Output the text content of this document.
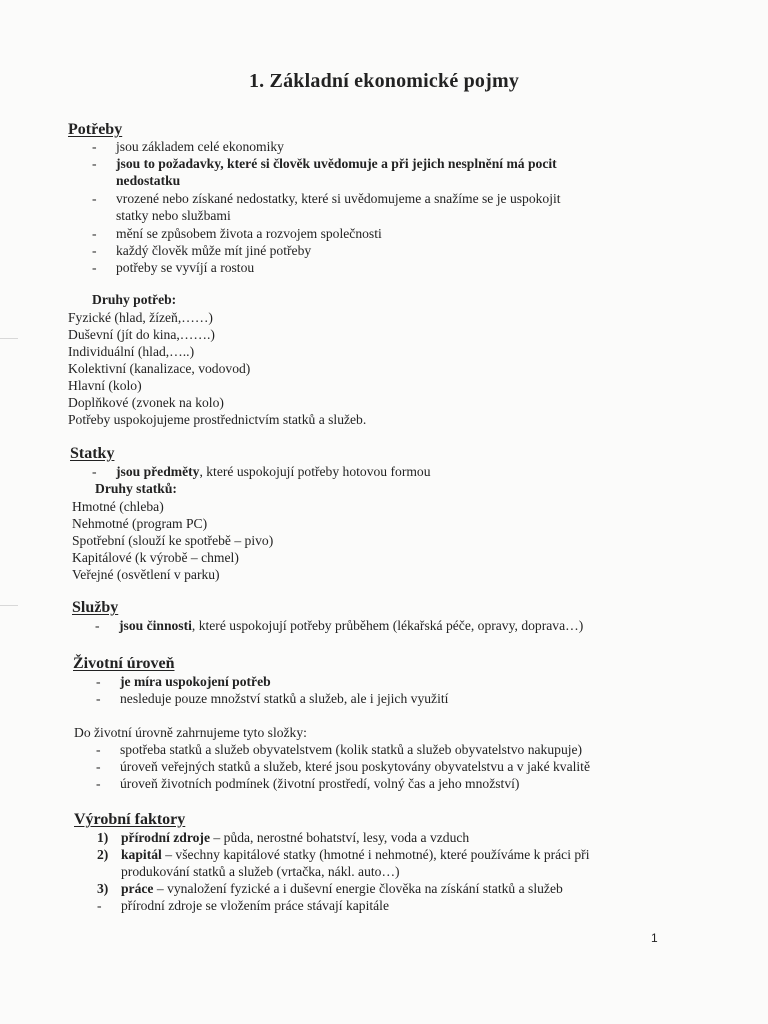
1. Základní ekonomické pojmy
Potřeby
- jsou základem celé ekonomiky
- jsou to požadavky, které si člověk uvědomuje a při jejich nesplnění má pocit
nedostatku
- vrozené nebo získané nedostatky, které si uvědomujeme a snažíme se je uspokojit
statky nebo službami
- mění se způsobem života a rozvojem společnosti
- každý člověk může mít jiné potřeby
- potřeby se vyvíjí a rostou
Druhy potřeb:
Fyzické (hlad, žízeň,……)
Duševní (jít do kina,…….)
Individuální (hlad,…..)
Kolektivní (kanalizace, vodovod)
Hlavní (kolo)
Doplňkové (zvonek na kolo)
Potřeby uspokojujeme prostřednictvím statků a služeb.
Statky
- jsou předměty, které uspokojují potřeby hotovou formou
Druhy statků:
Hmotné (chleba)
Nehmotné (program PC)
Spotřební (slouží ke spotřebě – pivo)
Kapitálové (k výrobě – chmel)
Veřejné (osvětlení v parku)
Služby
- jsou činnosti, které uspokojují potřeby průběhem (lékařská péče, opravy, doprava…)
Životní úroveň
- je míra uspokojení potřeb
- nesleduje pouze množství statků a služeb, ale i jejich využití
Do životní úrovně zahrnujeme tyto složky:
- spotřeba statků a služeb obyvatelstvem (kolik statků a služeb obyvatelstvo nakupuje)
- úroveň veřejných statků a služeb, které jsou poskytovány obyvatelstvu a v jaké kvalitě
- úroveň životních podmínek (životní prostředí, volný čas a jeho množství)
Výrobní faktory
1) přírodní zdroje – půda, nerostné bohatství, lesy, voda a vzduch
2) kapitál – všechny kapitálové statky (hmotné i nehmotné), které používáme k práci při
produkování statků a služeb (vrtačka, nákl. auto…)
3) práce – vynaložení fyzické a i duševní energie člověka na získání statků a služeb
- přírodní zdroje se vložením práce stávají kapitále
1
